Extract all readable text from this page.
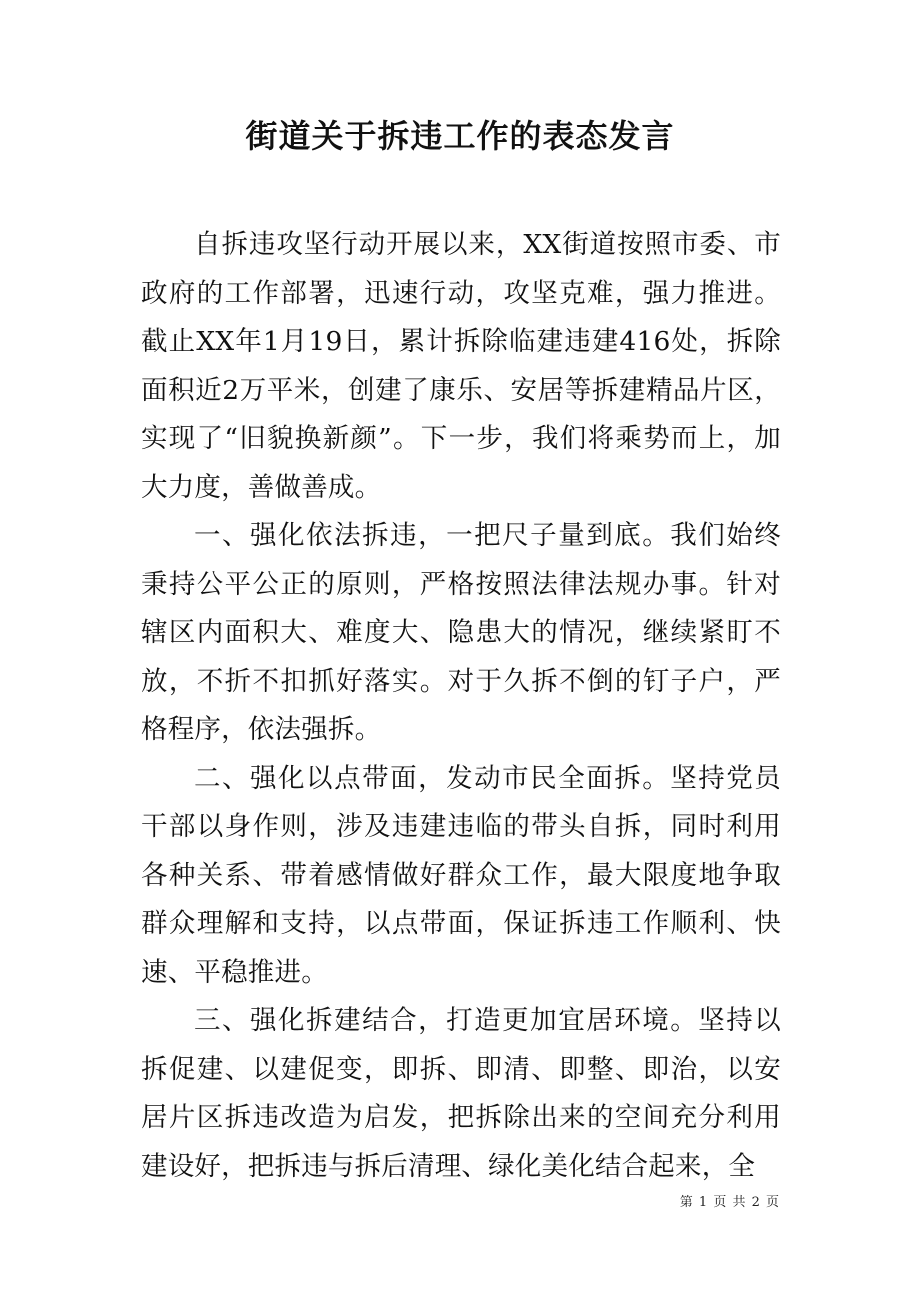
街道关于拆违工作的表态发言

自拆违攻坚行动开展以来，XX街道按照市委、市政府的工作部署，迅速行动，攻坚克难，强力推进。截止XX年1月19日，累计拆除临建违建416处，拆除面积近2万平米，创建了康乐、安居等拆建精品片区，实现了“旧貌换新颜”。下一步，我们将乘势而上，加大力度，善做善成。

一、强化依法拆违，一把尺子量到底。我们始终秉持公平公正的原则，严格按照法律法规办事。针对辖区内面积大、难度大、隐患大的情况，继续紧盯不放，不折不扣抓好落实。对于久拆不倒的钉子户，严格程序，依法强拆。

二、强化以点带面，发动市民全面拆。坚持党员干部以身作则，涉及违建违临的带头自拆，同时利用各种关系、带着感情做好群众工作，最大限度地争取群众理解和支持，以点带面，保证拆违工作顺利、快速、平稳推进。

三、强化拆建结合，打造更加宜居环境。坚持以拆促建、以建促变，即拆、即清、即整、即治，以安居片区拆违改造为启发，把拆除出来的空间充分利用建设好，把拆违与拆后清理、绿化美化结合起来，全

第 1 页 共 2 页
